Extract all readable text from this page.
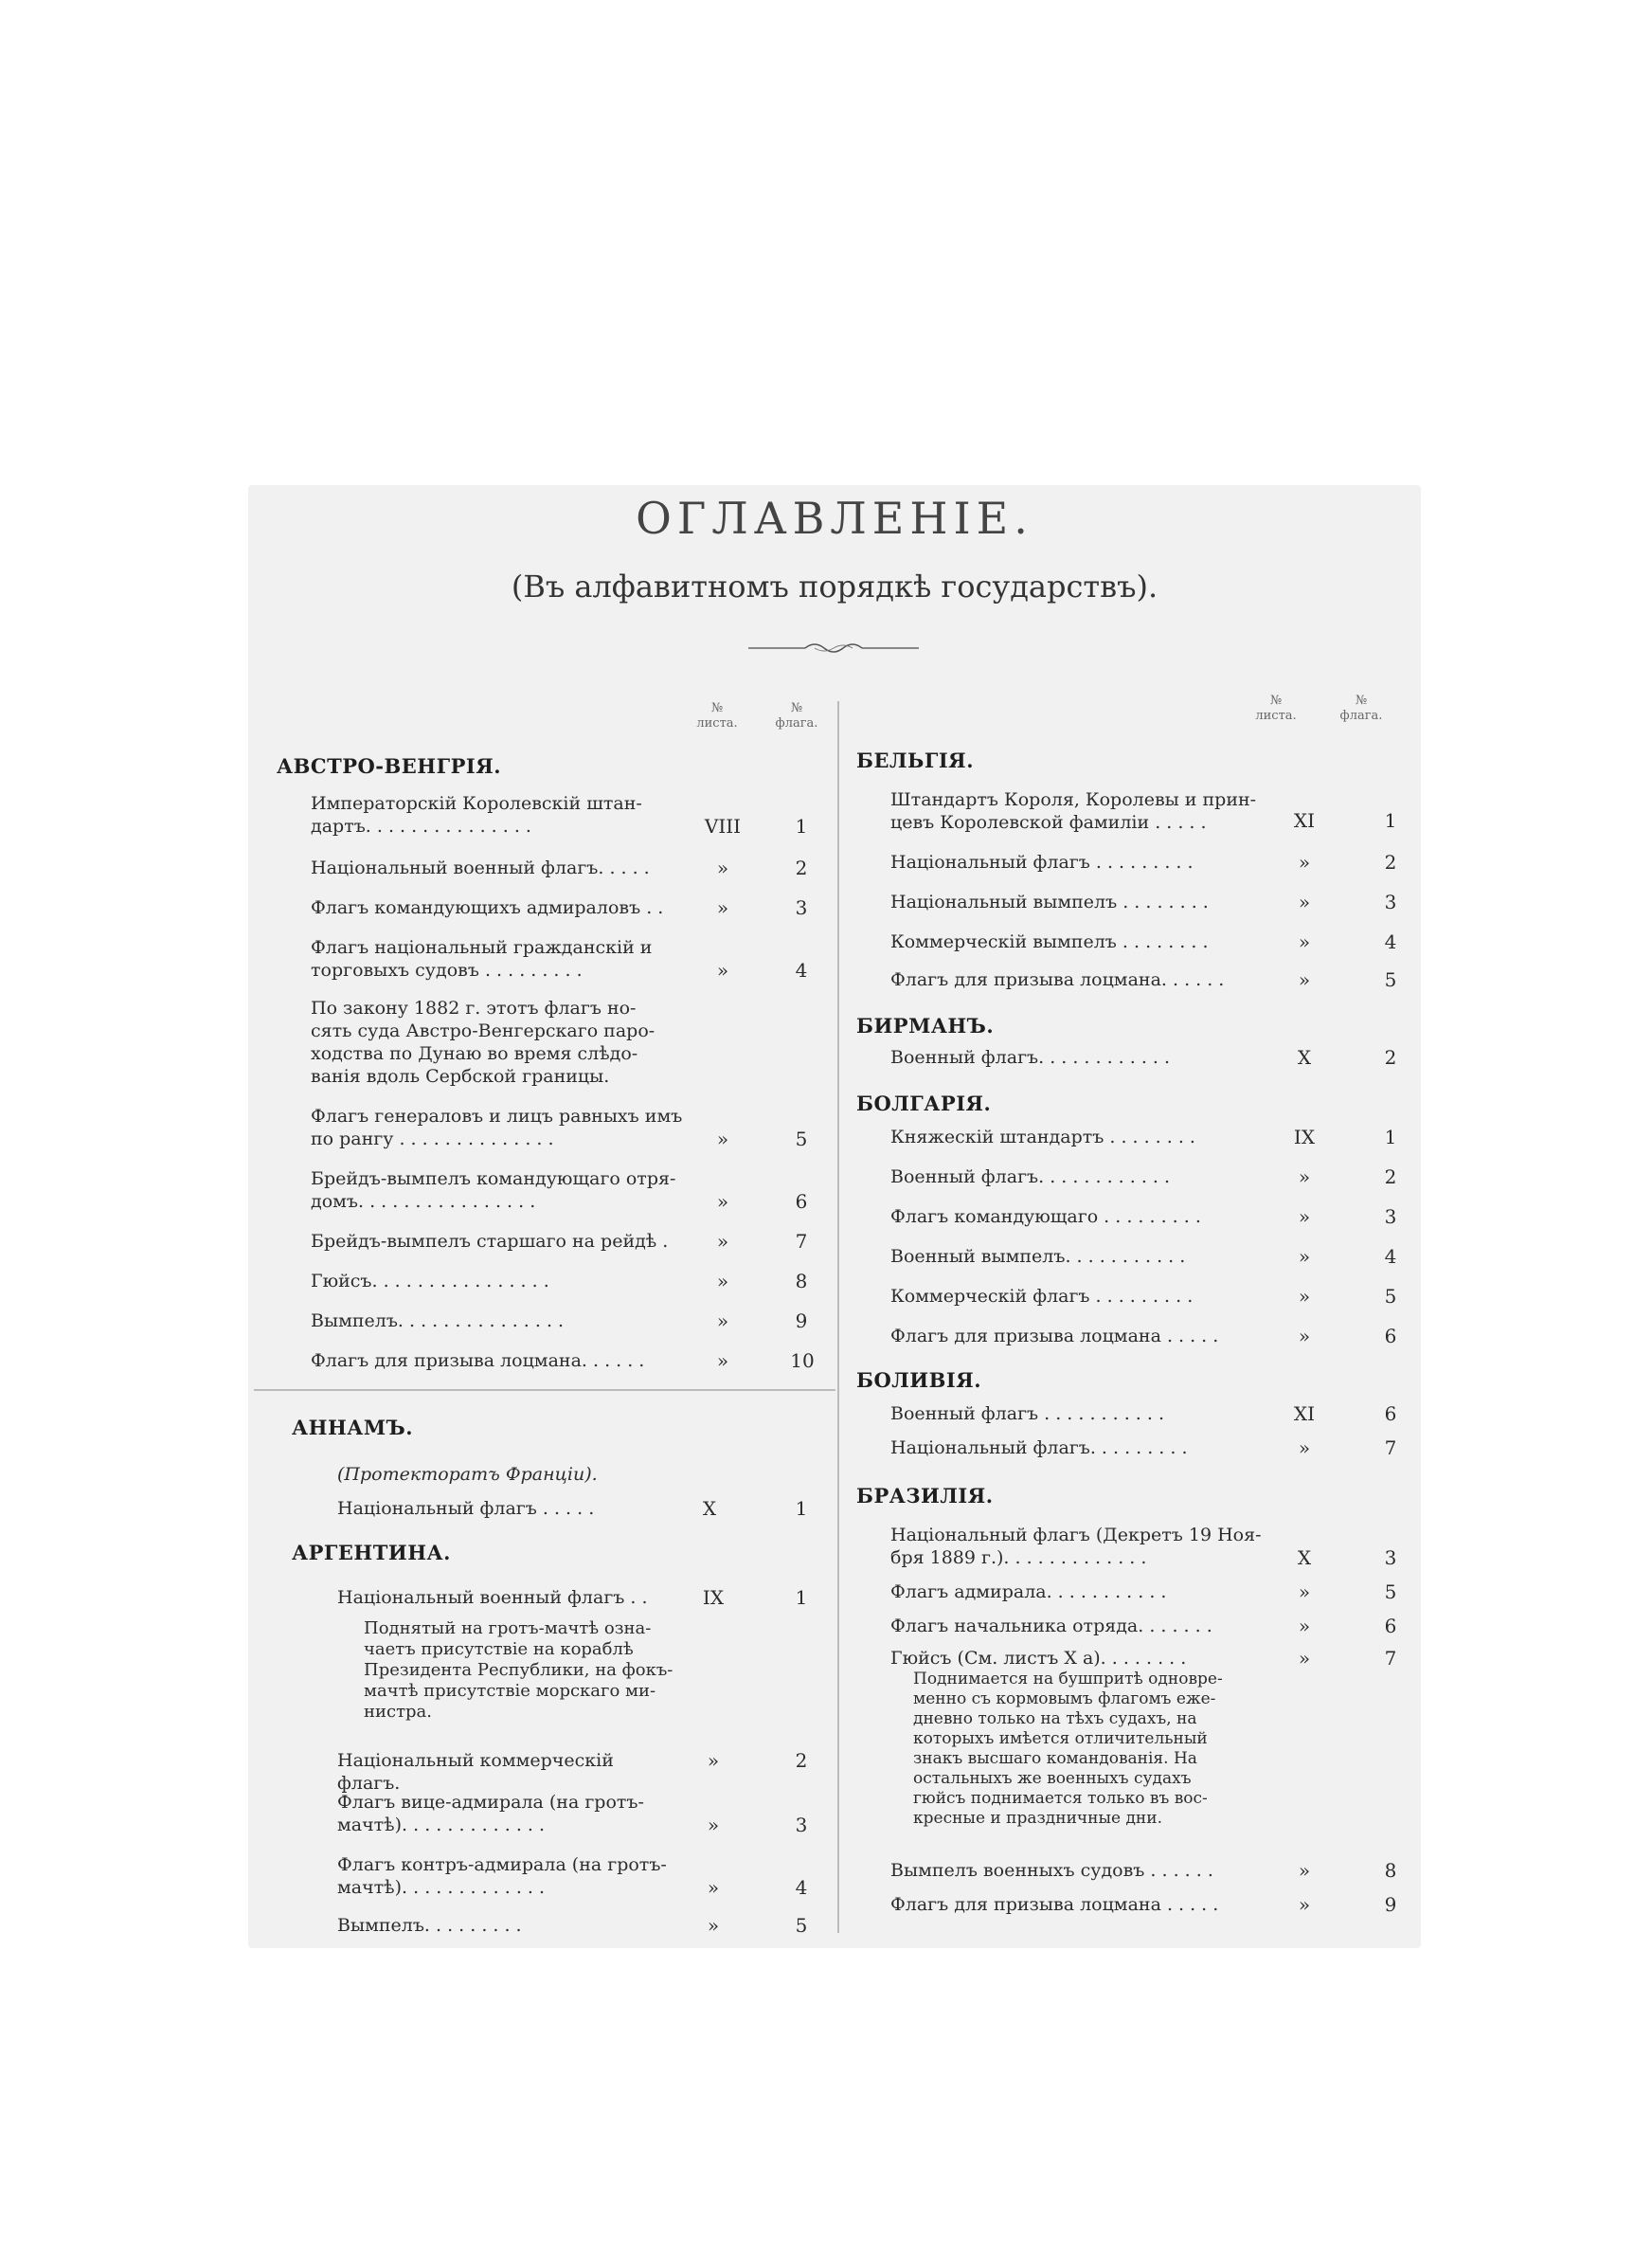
ОГЛАВЛЕНІЕ.
(Въ алфавитномъ порядкѣ государствъ).
№
листа.
№
флага.
№
листа.
№
флага.
АВСТРО-ВЕНГРІЯ.
Императорскій Королевскій штан-
дартъ. . . . . . . . . . . . . . .	VIII	1
Національный военный флагъ. . . . .	»	2
Флагъ командующихъ адмираловъ . .	»	3
Флагъ національный гражданскій и
торговыхъ судовъ . . . . . . . . .	»	4
По закону 1882 г. этотъ флагъ но-
сять суда Австро-Венгерскаго паро-
ходства по Дунаю во время слѣдо-
ванія вдоль Сербской границы.
Флагъ генераловъ и лицъ равныхъ имъ
по рангу . . . . . . . . . . . . . .	»	5
Брейдъ-вымпелъ командующаго отря-
домъ. . . . . . . . . . . . . . . .	»	6
Брейдъ-вымпелъ старшаго на рейдѣ .	»	7
Гюйсъ. . . . . . . . . . . . . . . .	»	8
Вымпелъ. . . . . . . . . . . . . . .	»	9
Флагъ для призыва лоцмана. . . . . .	»	10
АННАМЪ.
(Протекторатъ Франціи).
Національный флагъ . . . . .	X	1
АРГЕНТИНА.
Національный военный флагъ . .	IX	1
Поднятый на гротъ-мачтѣ озна-
чаетъ присутствіе на кораблѣ
Президента Республики, на фокъ-
мачтѣ присутствіе морскаго ми-
нистра.
Національный коммерческій флагъ.
»	2
Флагъ вице-адмирала (на гротъ-
мачтѣ). . . . . . . . . . . . .	»	3
Флагъ контръ-адмирала (на гротъ-
мачтѣ). . . . . . . . . . . . .	»	4
Вымпелъ. . . . . . . . .	»	5
БЕЛЬГІЯ.
Штандартъ Короля, Королевы и прин-
цевъ Королевской фамиліи . . . . .	XI	1
Національный флагъ . . . . . . . . .	»	2
Національный вымпелъ . . . . . . . .	»	3
Коммерческій вымпелъ . . . . . . . .	»	4
Флагъ для призыва лоцмана. . . . . .	»	5
БИРМАНЪ.
Военный флагъ. . . . . . . . . . . .	X	2
БОЛГАРІЯ.
Княжескій штандартъ . . . . . . . .	IX	1
Военный флагъ. . . . . . . . . . . .	»	2
Флагъ командующаго . . . . . . . . .	»	3
Военный вымпелъ. . . . . . . . . . .	»	4
Коммерческій флагъ . . . . . . . . .	»	5
Флагъ для призыва лоцмана . . . . .	»	6
БОЛИВІЯ.
Военный флагъ . . . . . . . . . . .	XI	6
Національный флагъ. . . . . . . . .	»	7
БРАЗИЛІЯ.
Національный флагъ (Декретъ 19 Ноя-
бря 1889 г.). . . . . . . . . . . . .	X	3
Флагъ адмирала. . . . . . . . . . .	»	5
Флагъ начальника отряда. . . . . . .	»	6
Гюйсъ (См. листъ X a). . . . . . . .	»	7
Поднимается на бушпритѣ одновре-
менно съ кормовымъ флагомъ еже-
дневно только на тѣхъ судахъ, на
которыхъ имѣется отличительный
знакъ высшаго командованія. На
остальныхъ же военныхъ судахъ
гюйсъ поднимается только въ вос-
кресные и праздничные дни.
Вымпелъ военныхъ судовъ . . . . . .	»	8
Флагъ для призыва лоцмана . . . . .	»	9
